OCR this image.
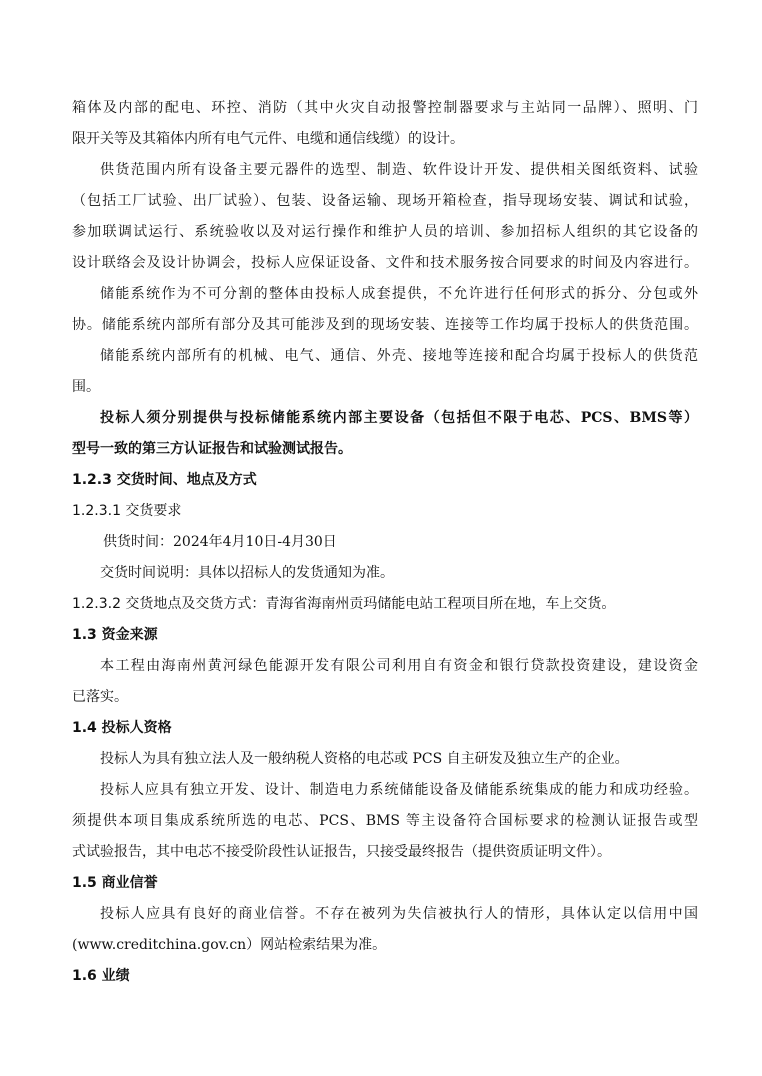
箱体及内部的配电、环控、消防（其中火灾自动报警控制器要求与主站同一品牌）、照明、门
限开关等及其箱体内所有电气元件、电缆和通信线缆）的设计。
供货范围内所有设备主要元器件的选型、制造、软件设计开发、提供相关图纸资料、试验
（包括工厂试验、出厂试验）、包装、设备运输、现场开箱检查，指导现场安装、调试和试验，
参加联调试运行、系统验收以及对运行操作和维护人员的培训、参加招标人组织的其它设备的
设计联络会及设计协调会，投标人应保证设备、文件和技术服务按合同要求的时间及内容进行。
储能系统作为不可分割的整体由投标人成套提供，不允许进行任何形式的拆分、分包或外
协。储能系统内部所有部分及其可能涉及到的现场安装、连接等工作均属于投标人的供货范围。
储能系统内部所有的机械、电气、通信、外壳、接地等连接和配合均属于投标人的供货范
围。
投标人须分别提供与投标储能系统内部主要设备（包括但不限于电芯、PCS、BMS等）
型号一致的第三方认证报告和试验测试报告。
1.2.3 交货时间、地点及方式
1.2.3.1 交货要求
供货时间：2024年4月10日-4月30日
交货时间说明：具体以招标人的发货通知为准。
1.2.3.2 交货地点及交货方式：青海省海南州贡玛储能电站工程项目所在地，车上交货。
1.3 资金来源
本工程由海南州黄河绿色能源开发有限公司利用自有资金和银行贷款投资建设，建设资金
已落实。
1.4 投标人资格
投标人为具有独立法人及一般纳税人资格的电芯或 PCS 自主研发及独立生产的企业。
投标人应具有独立开发、设计、制造电力系统储能设备及储能系统集成的能力和成功经验。
须提供本项目集成系统所选的电芯、PCS、BMS 等主设备符合国标要求的检测认证报告或型
式试验报告，其中电芯不接受阶段性认证报告，只接受最终报告（提供资质证明文件）。
1.5 商业信誉
投标人应具有良好的商业信誉。不存在被列为失信被执行人的情形，具体认定以信用中国
(www.creditchina.gov.cn）网站检索结果为准。
1.6 业绩
